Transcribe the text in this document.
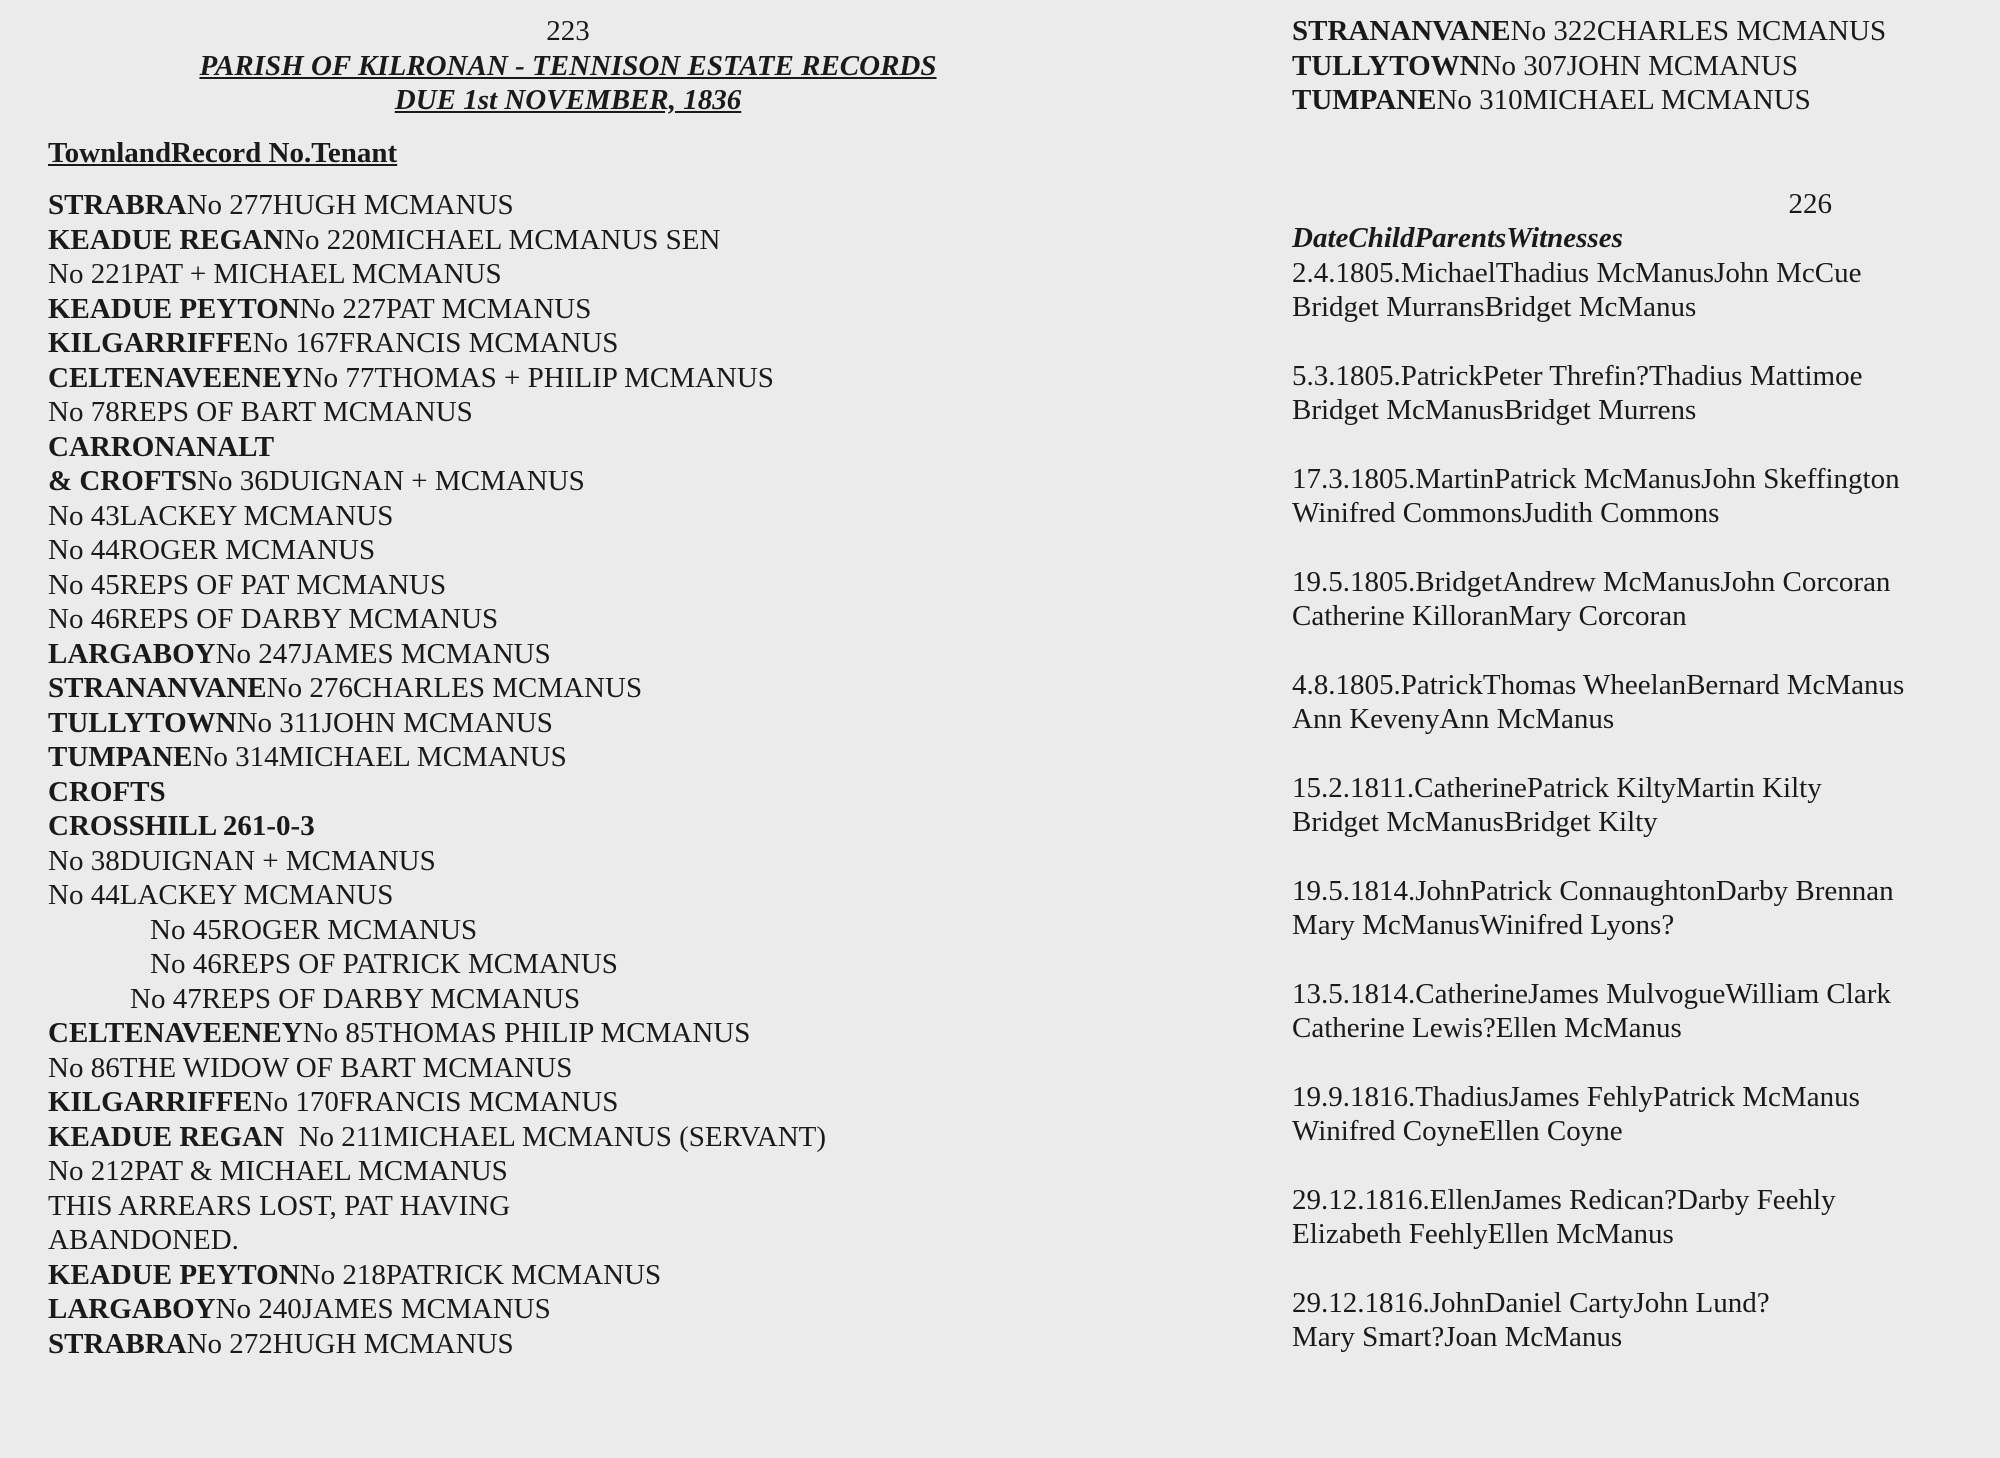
223
PARISH OF KILRONAN - TENNISON ESTATE RECORDS
DUE 1st NOVEMBER, 1836
TownlandRecord No.Tenant
STRABRANo 277HUGH MCMANUS
KEADUE REGANNo 220MICHAEL MCMANUS SEN
No 221PAT + MICHAEL MCMANUS
KEADUE PEYTONNo 227PAT MCMANUS
KILGARRIFFENo 167FRANCIS MCMANUS
CELTENAVEENEYNo 77THOMAS + PHILIP MCMANUS
No 78REPS OF BART MCMANUS
CARRONANALT
& CROFTSNo 36DUIGNAN + MCMANUS
No 43LACKEY MCMANUS
No 44ROGER MCMANUS
No 45REPS OF PAT MCMANUS
No 46REPS OF DARBY MCMANUS
LARGABOYNo 247JAMES MCMANUS
STRANANVANENo 276CHARLES MCMANUS
TULLYTOWNNo 311JOHN MCMANUS
TUMPANENo 314MICHAEL MCMANUS
CROFTS
CROSSHILL 261-0-3
No 38DUIGNAN + MCMANUS
No 44LACKEY MCMANUS
No 45ROGER MCMANUS
No 46REPS OF PATRICK MCMANUS
No 47REPS OF DARBY MCMANUS
CELTENAVEENEYNo 85THOMAS PHILIP MCMANUS
No 86THE WIDOW OF BART MCMANUS
KILGARRIFFENo 170FRANCIS MCMANUS
KEADUE REGAN  No 211MICHAEL MCMANUS (SERVANT)
No 212PAT & MICHAEL MCMANUS
THIS ARREARS LOST, PAT HAVING
ABANDONED.
KEADUE PEYTONNo 218PATRICK MCMANUS
LARGABOYNo 240JAMES MCMANUS
STRABRANo 272HUGH MCMANUS
STRANANVANENo 322CHARLES MCMANUS
TULLYTOWNNo 307JOHN MCMANUS
TUMPANENo 310MICHAEL MCMANUS
226
DateChildParentsWitnesses
2.4.1805.MichaelThadius McManusJohn McCue
Bridget MurransBridget McManus
5.3.1805.PatrickPeter Threfin?Thadius Mattimoe
Bridget McManusBridget Murrens
17.3.1805.MartinPatrick McManusJohn Skeffington
Winifred CommonsJudith Commons
19.5.1805.BridgetAndrew McManusJohn Corcoran
Catherine KilloranMary Corcoran
4.8.1805.PatrickThomas WheelanBernard McManus
Ann KevenyAnn McManus
15.2.1811.CatherinePatrick KiltyMartin Kilty
Bridget McManusBridget Kilty
19.5.1814.JohnPatrick ConnaughtonDarby Brennan
Mary McManusWinifred Lyons?
13.5.1814.CatherineJames MulvogueWilliam Clark
Catherine Lewis?Ellen McManus
19.9.1816.ThadiusJames FehlyPatrick McManus
Winifred CoyneEllen Coyne
29.12.1816.EllenJames Redican?Darby Feehly
Elizabeth FeehlyEllen McManus
29.12.1816.JohnDaniel CartyJohn Lund?
Mary Smart?Joan McManus
